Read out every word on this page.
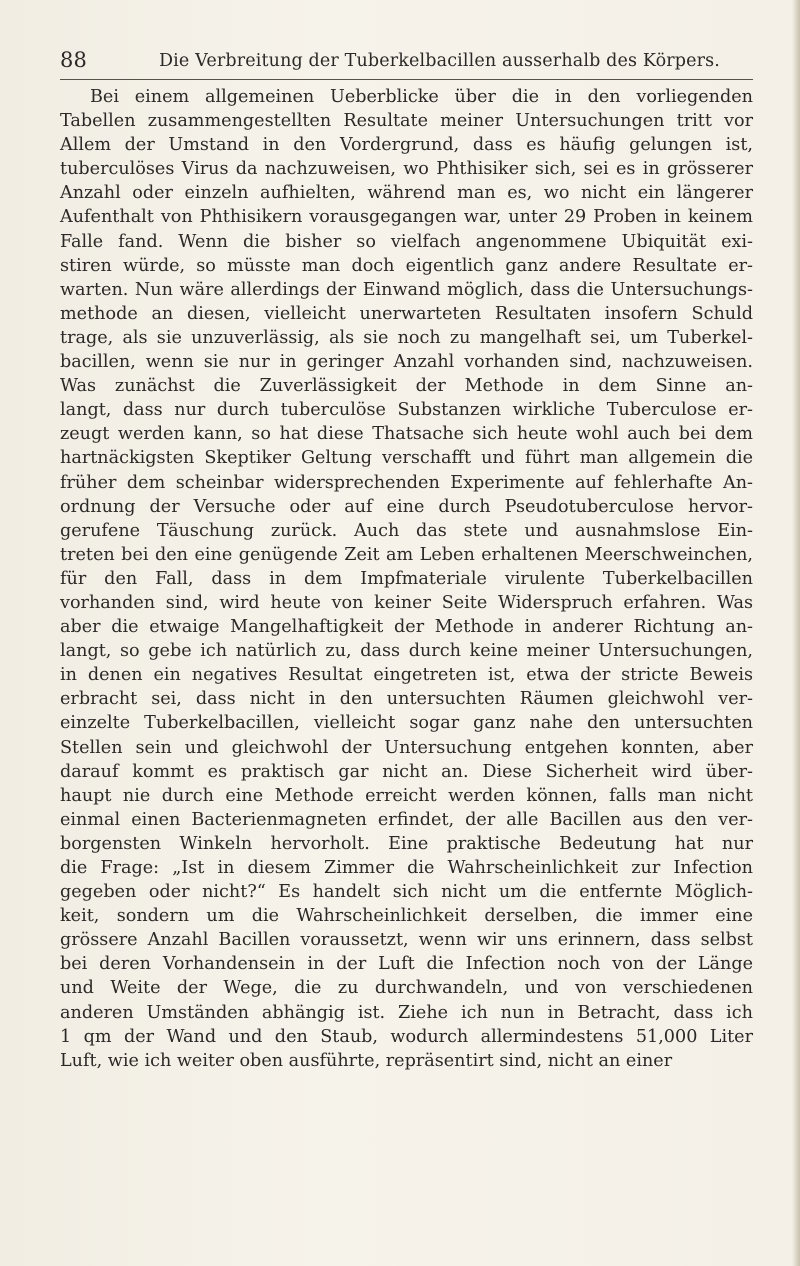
88	Die Verbreitung der Tuberkelbacillen ausserhalb des Körpers.
Bei einem allgemeinen Ueberblicke über die in den vorliegenden
Tabellen zusammengestellten Resultate meiner Untersuchungen tritt vor
Allem der Umstand in den Vordergrund, dass es häufig gelungen ist,
tuberculöses Virus da nachzuweisen, wo Phthisiker sich, sei es in grösserer
Anzahl oder einzeln aufhielten, während man es, wo nicht ein längerer
Aufenthalt von Phthisikern vorausgegangen war, unter 29 Proben in keinem
Falle fand. Wenn die bisher so vielfach angenommene Ubiquität exi-
stiren würde, so müsste man doch eigentlich ganz andere Resultate er-
warten. Nun wäre allerdings der Einwand möglich, dass die Untersuchungs-
methode an diesen, vielleicht unerwarteten Resultaten insofern Schuld
trage, als sie unzuverlässig, als sie noch zu mangelhaft sei, um Tuberkel-
bacillen, wenn sie nur in geringer Anzahl vorhanden sind, nachzuweisen.
Was zunächst die Zuverlässigkeit der Methode in dem Sinne an-
langt, dass nur durch tuberculöse Substanzen wirkliche Tuberculose er-
zeugt werden kann, so hat diese Thatsache sich heute wohl auch bei dem
hartnäckigsten Skeptiker Geltung verschafft und führt man allgemein die
früher dem scheinbar widersprechenden Experimente auf fehlerhafte An-
ordnung der Versuche oder auf eine durch Pseudotuberculose hervor-
gerufene Täuschung zurück. Auch das stete und ausnahmslose Ein-
treten bei den eine genügende Zeit am Leben erhaltenen Meerschweinchen,
für den Fall, dass in dem Impfmateriale virulente Tuberkelbacillen
vorhanden sind, wird heute von keiner Seite Widerspruch erfahren. Was
aber die etwaige Mangelhaftigkeit der Methode in anderer Richtung an-
langt, so gebe ich natürlich zu, dass durch keine meiner Untersuchungen,
in denen ein negatives Resultat eingetreten ist, etwa der stricte Beweis
erbracht sei, dass nicht in den untersuchten Räumen gleichwohl ver-
einzelte Tuberkelbacillen, vielleicht sogar ganz nahe den untersuchten
Stellen sein und gleichwohl der Untersuchung entgehen konnten, aber
darauf kommt es praktisch gar nicht an. Diese Sicherheit wird über-
haupt nie durch eine Methode erreicht werden können, falls man nicht
einmal einen Bacterienmagneten erfindet, der alle Bacillen aus den ver-
borgensten Winkeln hervorholt. Eine praktische Bedeutung hat nur
die Frage: „Ist in diesem Zimmer die Wahrscheinlichkeit zur Infection
gegeben oder nicht?“ Es handelt sich nicht um die entfernte Möglich-
keit, sondern um die Wahrscheinlichkeit derselben, die immer eine
grössere Anzahl Bacillen voraussetzt, wenn wir uns erinnern, dass selbst
bei deren Vorhandensein in der Luft die Infection noch von der Länge
und Weite der Wege, die zu durchwandeln, und von verschiedenen
anderen Umständen abhängig ist. Ziehe ich nun in Betracht, dass ich
1 qm der Wand und den Staub, wodurch allermindestens 51,000 Liter
Luft, wie ich weiter oben ausführte, repräsentirt sind, nicht an einer
